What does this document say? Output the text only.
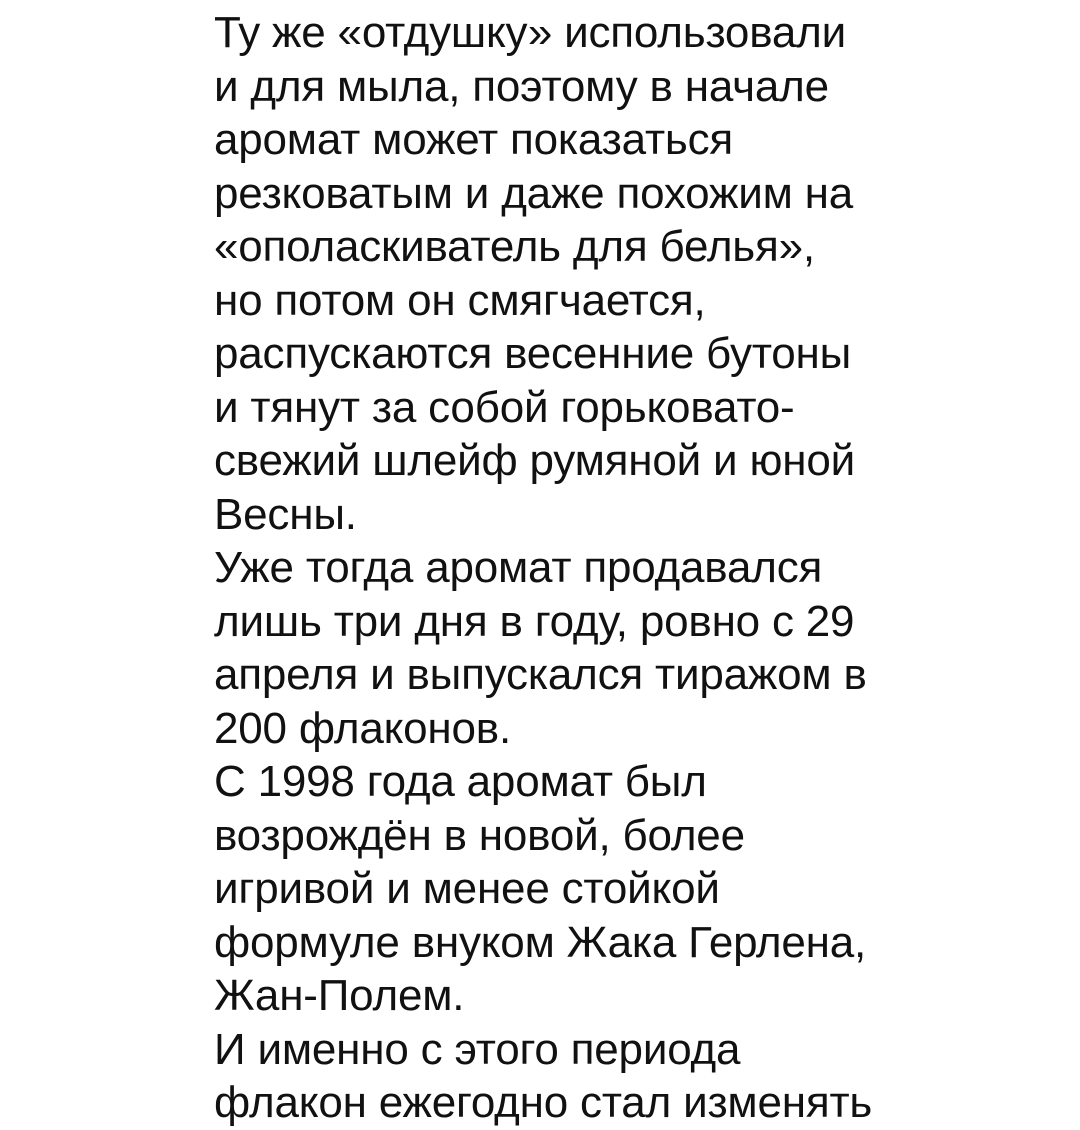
Ту же «отдушку» использовали
и для мыла, поэтому в начале
аромат может показаться
резковатым и даже похожим на
«ополаскиватель для белья»,
но потом он смягчается,
распускаются весенние бутоны
и тянут за собой горьковато-
свежий шлейф румяной и юной
Весны.
Уже тогда аромат продавался
лишь три дня в году, ровно с 29
апреля и выпускался тиражом в
200 флаконов.
С 1998 года аромат был
возрождён в новой, более
игривой и менее стойкой
формуле внуком Жака Герлена,
Жан-Полем.
И именно с этого периода
флакон ежегодно стал изменять
